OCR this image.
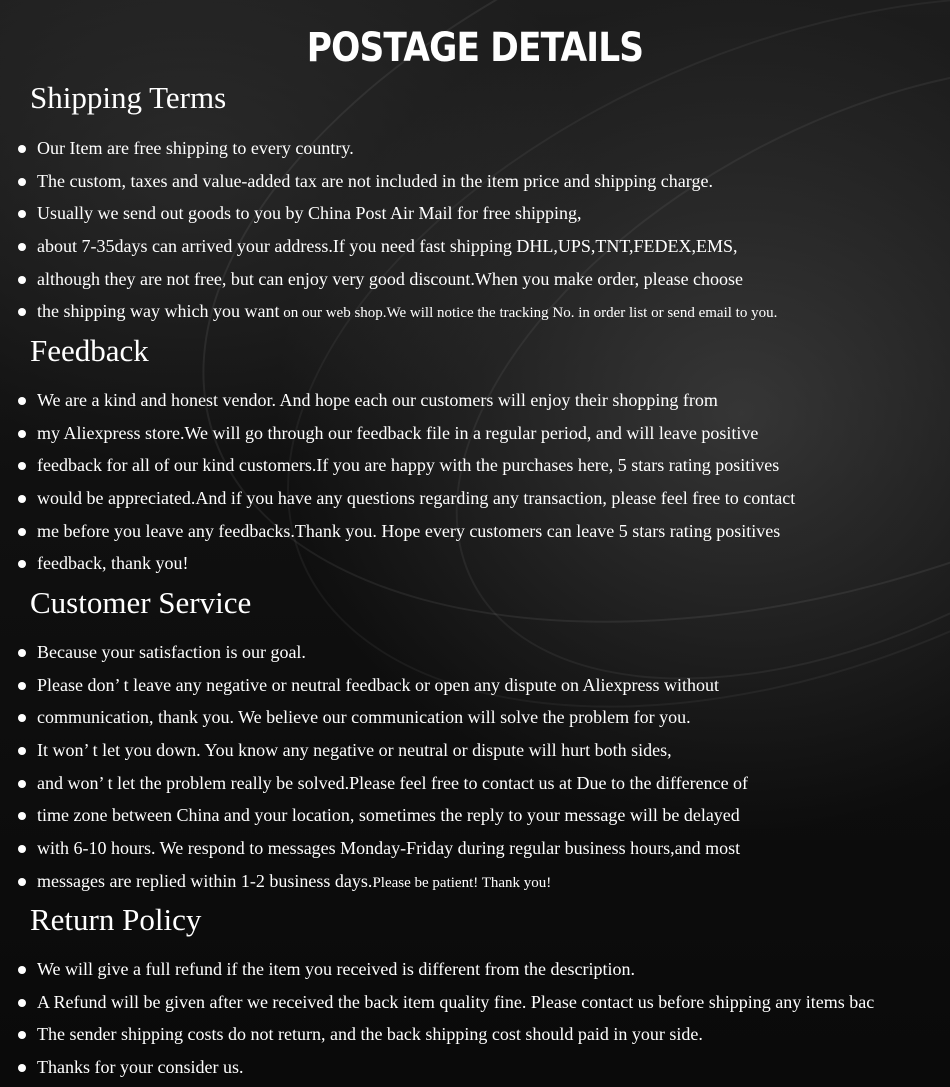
POSTAGE DETAILS
Shipping Terms
Our Item are free shipping to every country.
The custom, taxes and value-added tax are not included in the item price and shipping charge.
Usually we send out goods to you by China Post Air Mail for free shipping,
about 7-35days can arrived your address.If you need fast shipping DHL,UPS,TNT,FEDEX,EMS,
although they are not free, but can enjoy very good discount.When you make order, please choose
the shipping way which you want on our web shop.We will notice the tracking No. in order list or send email to you.
Feedback
We are a kind and honest vendor. And hope each our customers will enjoy their shopping from
my Aliexpress store.We will go through our feedback file in a regular period, and will leave positive
feedback for all of our kind customers.If you are happy with the purchases here, 5 stars rating positives
would be appreciated.And if you have any questions regarding any transaction, please feel free to contact
me before you leave any feedbacks.Thank you. Hope every customers can leave 5 stars rating positives
feedback, thank you!
Customer Service
Because your satisfaction is our goal.
Please don’ t leave any negative or neutral feedback or open any dispute on Aliexpress without
communication, thank you. We believe our communication will solve the problem for you.
It won’ t let you down. You know any negative or neutral or dispute will hurt both sides,
and won’ t let the problem really be solved.Please feel free to contact us at Due to the difference of
time zone between China and your location, sometimes the reply to your message will be delayed
with 6-10 hours. We respond to messages Monday-Friday during regular business hours,and most
messages are replied within 1-2 business days.Please be patient! Thank you!
Return Policy
We will give a full refund if the item you received is different from the description.
A Refund will be given after we received the back item quality fine. Please contact us before shipping any items bac
The sender shipping costs do not return, and the back shipping cost should paid in your side.
Thanks for your consider us.
